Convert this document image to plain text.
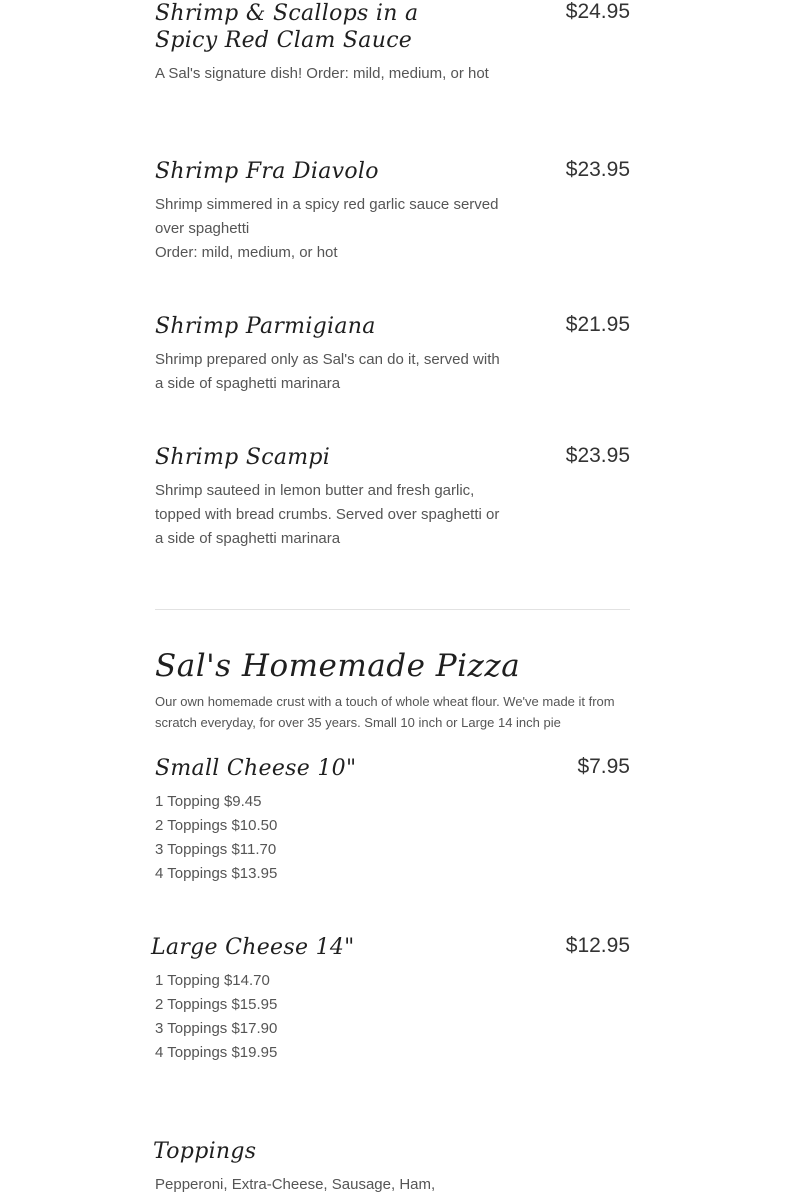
Shrimp & Scallops in a Spicy Red Clam Sauce
$24.95
A Sal's signature dish! Order: mild, medium, or hot
Shrimp Fra Diavolo	$23.95
Shrimp simmered in a spicy red garlic sauce served over spaghetti
Order: mild, medium, or hot
Shrimp Parmigiana	$21.95
Shrimp prepared only as Sal's can do it, served with a side of spaghetti marinara
Shrimp Scampi	$23.95
Shrimp sauteed in lemon butter and fresh garlic, topped with bread crumbs. Served over spaghetti or a side of spaghetti marinara
Sal's Homemade Pizza
Our own homemade crust with a touch of whole wheat flour. We've made it from scratch everyday, for over 35 years. Small 10 inch or Large 14 inch pie
Small Cheese 10"	$7.95
1 Topping $9.45
2 Toppings $10.50
3 Toppings $11.70
4 Toppings $13.95
Large Cheese 14"	$12.95
1 Topping $14.70
2 Toppings $15.95
3 Toppings $17.90
4 Toppings $19.95
Toppings
Pepperoni, Extra-Cheese, Sausage, Ham,
